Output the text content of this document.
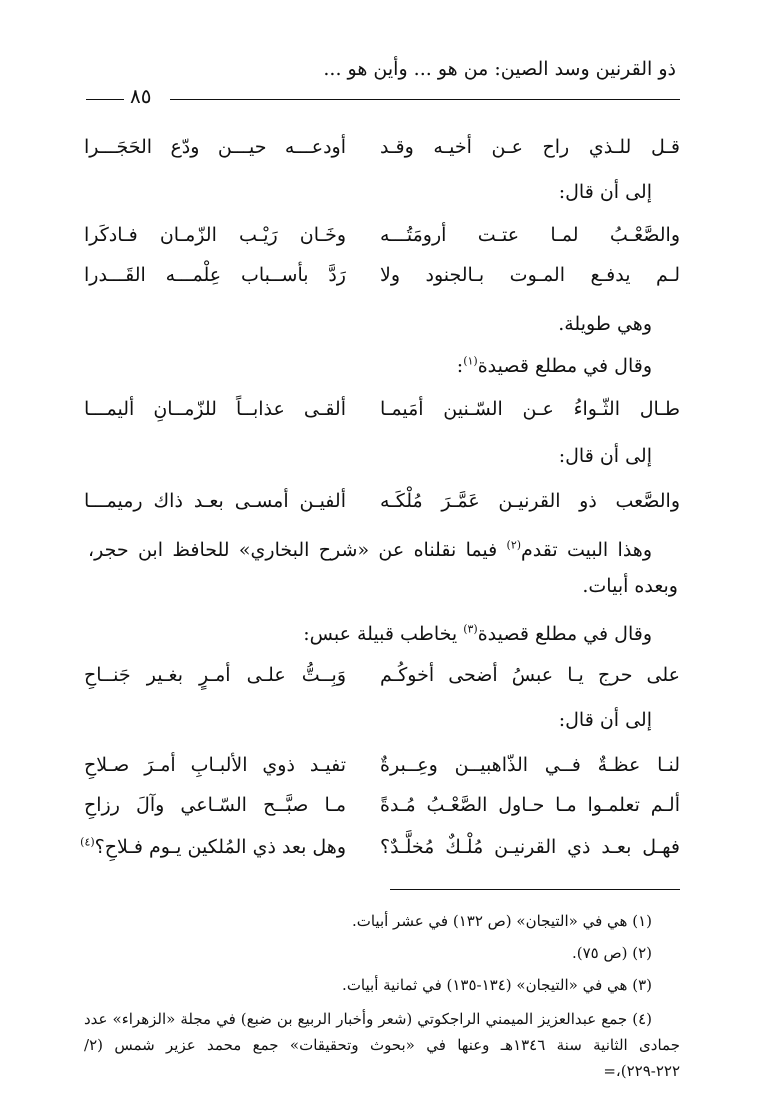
ذو القرنين وسد الصين: من هو ... وأين هو ...
٨٥
قـل للـذي راح عـن أخيـه وقـد
أودعـــه حيـــن ودّع الحَجَـــرا
إلى أن قال:
والصَّعْـبُ لمـا عتـت أرومَتُـــه
وخَـان رَيْـب الزّمـان فـادكَرا
لـم يدفـع المـوت بـالجنود ولا
رَدَّ بأســباب عِلْمـــه القَـــدرا
وهي طويلة.
وقال في مطلع قصيدة$^{(١)}$:
طـال الثّـواءُ عـن السّـنين أمَيمـا
ألقـى عذابــاً للزّمــانِ أليمـــا
إلى أن قال:
والصَّعب ذو القرنيـن عَمَّـرَ مُلْكَـه
ألفيـن أمسـى بعـد ذاك رميمـــا
وهذا البيت تقدم$^{(٢)}$ فيما نقلناه عن «شرح البخاري» للحافظ ابن حجر، وبعده أبيات.
وقال في مطلع قصيدة$^{(٣)}$ يخاطب قبيلة عبس:
على حرج يـا عبسُ أضحى أخوكُـم
وَبِــتُّ علـى أمـرٍ بغـير جَنــاحِ
إلى أن قال:
لنـا عظـةٌ فــي الذّاهبيــن وعِــبرةٌ
تفيـد ذوي الألبـابِ أمـرَ صـلاحِ
ألـم تعلمـوا مـا حـاول الصَّعْـبُ مُـدةً
مـا صبَّــح السّـاعي وآلَ رزاحِ
فهـل بعـد ذي القرنيـن مُلْـكٌ مُخلَّـدٌ؟
وهل بعد ذي المُلكين يـوم فـلاحِ؟$^{(٤)}$
(١) هي في «التيجان» (ص ١٣٢) في عشر أبيات.
(٢) (ص ٧٥).
(٣) هي في «التيجان» (١٣٤-١٣٥) في ثمانية أبيات.
(٤) جمع عبدالعزيز الميمني الراجكوتي (شعر وأخبار الربيع بن ضبع) في مجلة «الزهراء» عدد جمادى الثانية سنة ١٣٤٦هـ وعنها في «بحوث وتحقيقات» جمع محمد عزير شمس (٢/ ٢٢٢-٢٢٩)،=
